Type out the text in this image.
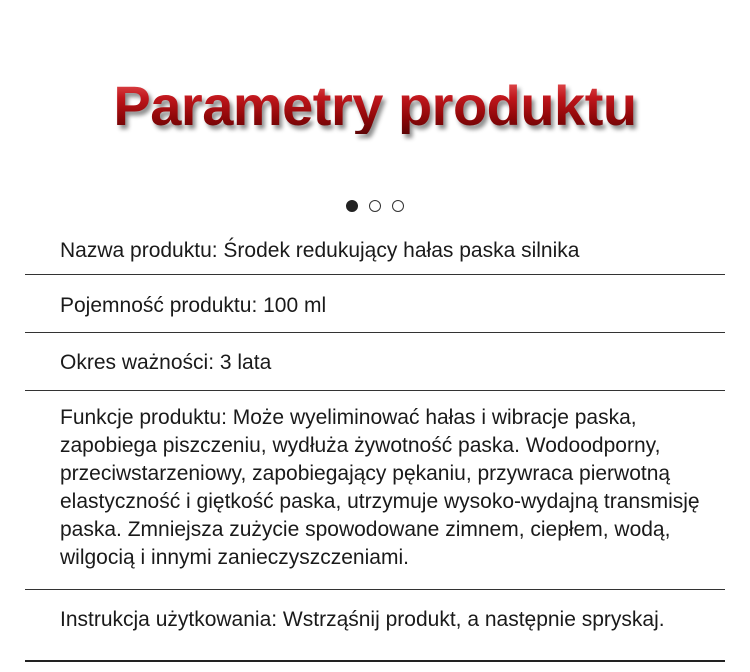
Parametry produktu
Nazwa produktu: Środek redukujący hałas paska silnika
Pojemność produktu: 100 ml
Okres ważności: 3 lata
Funkcje produktu: Może wyeliminować hałas i wibracje paska, zapobiega piszczeniu, wydłuża żywotność paska. Wodoodporny, przeciwstarzeniowy, zapobiegający pękaniu, przywraca pierwotną elastyczność i giętkość paska, utrzymuje wysoko-wydajną transmisję paska. Zmniejsza zużycie spowodowane zimnem, ciepłem, wodą, wilgocią i innymi zanieczyszczeniami.
Instrukcja użytkowania: Wstrząśnij produkt, a następnie spryskaj.
